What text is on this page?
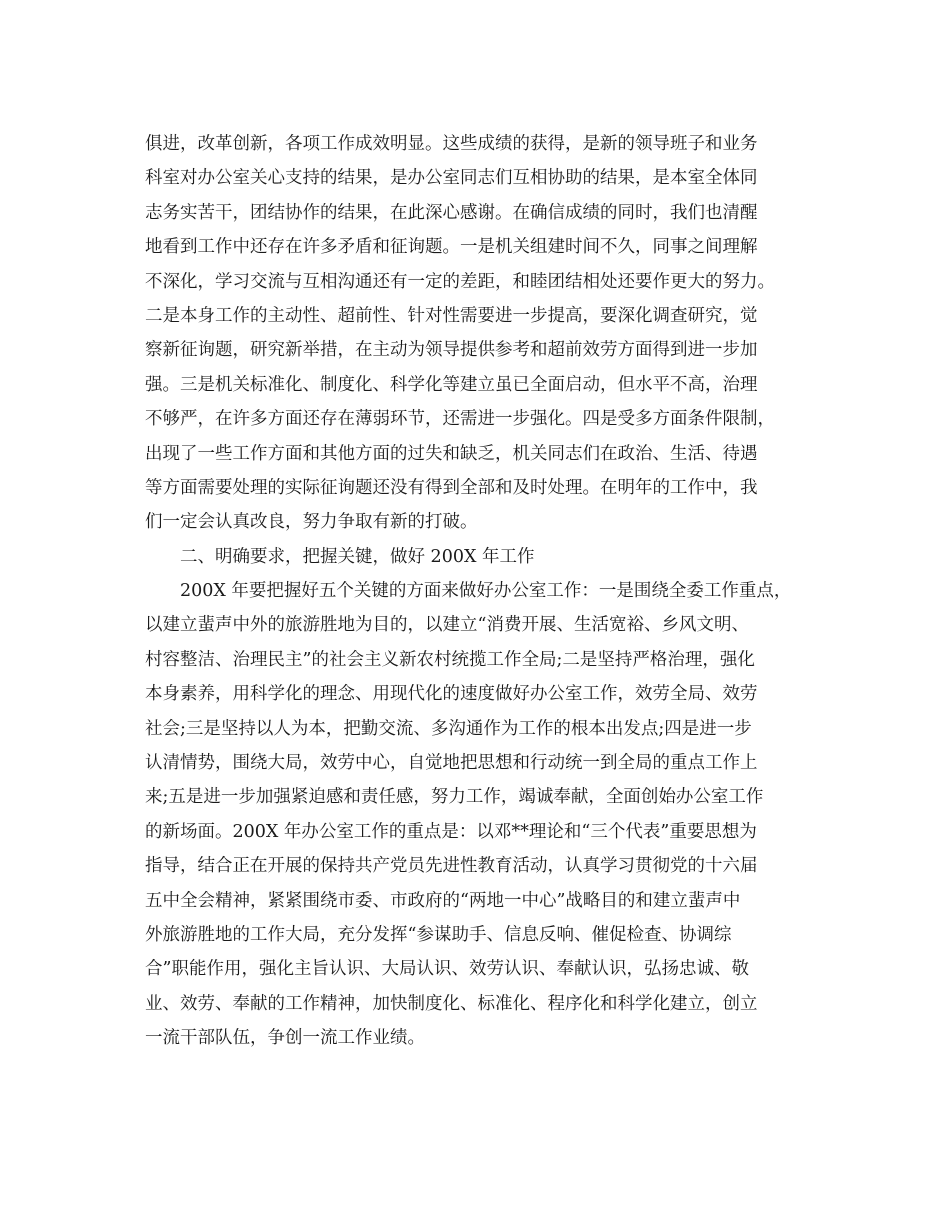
俱进，改革创新，各项工作成效明显。这些成绩的获得，是新的领导班子和业务
科室对办公室关心支持的结果，是办公室同志们互相协助的结果，是本室全体同
志务实苦干，团结协作的结果，在此深心感谢。在确信成绩的同时，我们也清醒
地看到工作中还存在许多矛盾和征询题。一是机关组建时间不久，同事之间理解
不深化，学习交流与互相沟通还有一定的差距，和睦团结相处还要作更大的努力。
二是本身工作的主动性、超前性、针对性需要进一步提高，要深化调查研究，觉
察新征询题，研究新举措，在主动为领导提供参考和超前效劳方面得到进一步加
强。三是机关标准化、制度化、科学化等建立虽已全面启动，但水平不高，治理
不够严，在许多方面还存在薄弱环节，还需进一步强化。四是受多方面条件限制，
出现了一些工作方面和其他方面的过失和缺乏，机关同志们在政治、生活、待遇
等方面需要处理的实际征询题还没有得到全部和及时处理。在明年的工作中，我
们一定会认真改良，努力争取有新的打破。
二、明确要求，把握关键，做好 200X 年工作
200X 年要把握好五个关键的方面来做好办公室工作：一是围绕全委工作重点，
以建立蜚声中外的旅游胜地为目的，以建立“消费开展、生活宽裕、乡风文明、
村容整洁、治理民主”的社会主义新农村统揽工作全局;二是坚持严格治理，强化
本身素养，用科学化的理念、用现代化的速度做好办公室工作，效劳全局、效劳
社会;三是坚持以人为本，把勤交流、多沟通作为工作的根本出发点;四是进一步
认清情势，围绕大局，效劳中心，自觉地把思想和行动统一到全局的重点工作上
来;五是进一步加强紧迫感和责任感，努力工作，竭诚奉献，全面创始办公室工作
的新场面。200X 年办公室工作的重点是：以邓**理论和“三个代表”重要思想为
指导，结合正在开展的保持共产党员先进性教育活动，认真学习贯彻党的十六届
五中全会精神，紧紧围绕市委、市政府的“两地一中心”战略目的和建立蜚声中
外旅游胜地的工作大局，充分发挥“参谋助手、信息反响、催促检查、协调综
合”职能作用，强化主旨认识、大局认识、效劳认识、奉献认识，弘扬忠诚、敬
业、效劳、奉献的工作精神，加快制度化、标准化、程序化和科学化建立，创立
一流干部队伍，争创一流工作业绩。
